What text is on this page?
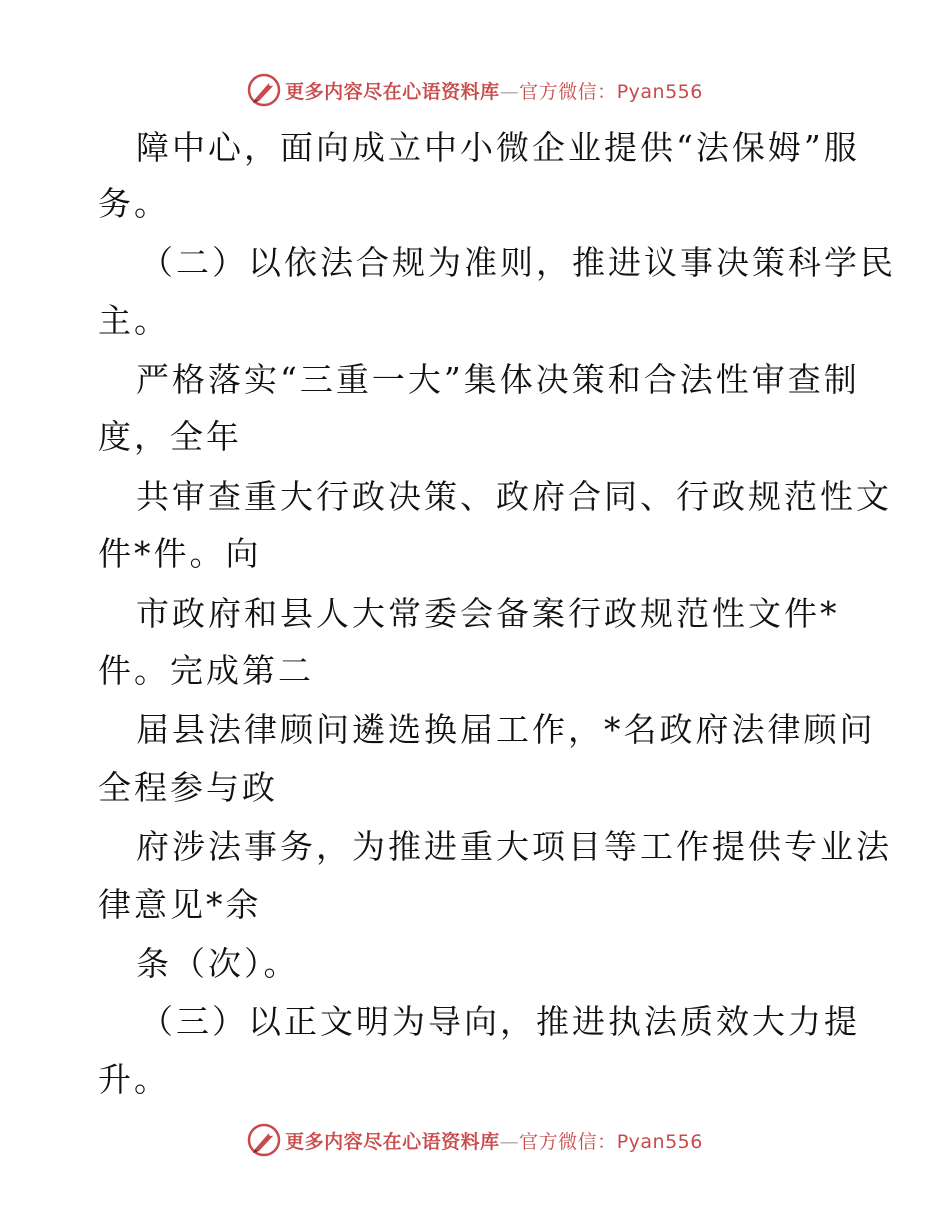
更多内容尽在心语资料库—官方微信：Pyan556
障中心，面向成立中小微企业提供“法保姆”服
务。
（二）以依法合规为准则，推进议事决策科学民
主。
严格落实“三重一大”集体决策和合法性审查制
度，全年
共审查重大行政决策、政府合同、行政规范性文
件*件。向
市政府和县人大常委会备案行政规范性文件*
件。完成第二
届县法律顾问遴选换届工作，*名政府法律顾问
全程参与政
府涉法事务，为推进重大项目等工作提供专业法
律意见*余
条（次）。
（三）以正文明为导向，推进执法质效大力提
升。
更多内容尽在心语资料库—官方微信：Pyan556
